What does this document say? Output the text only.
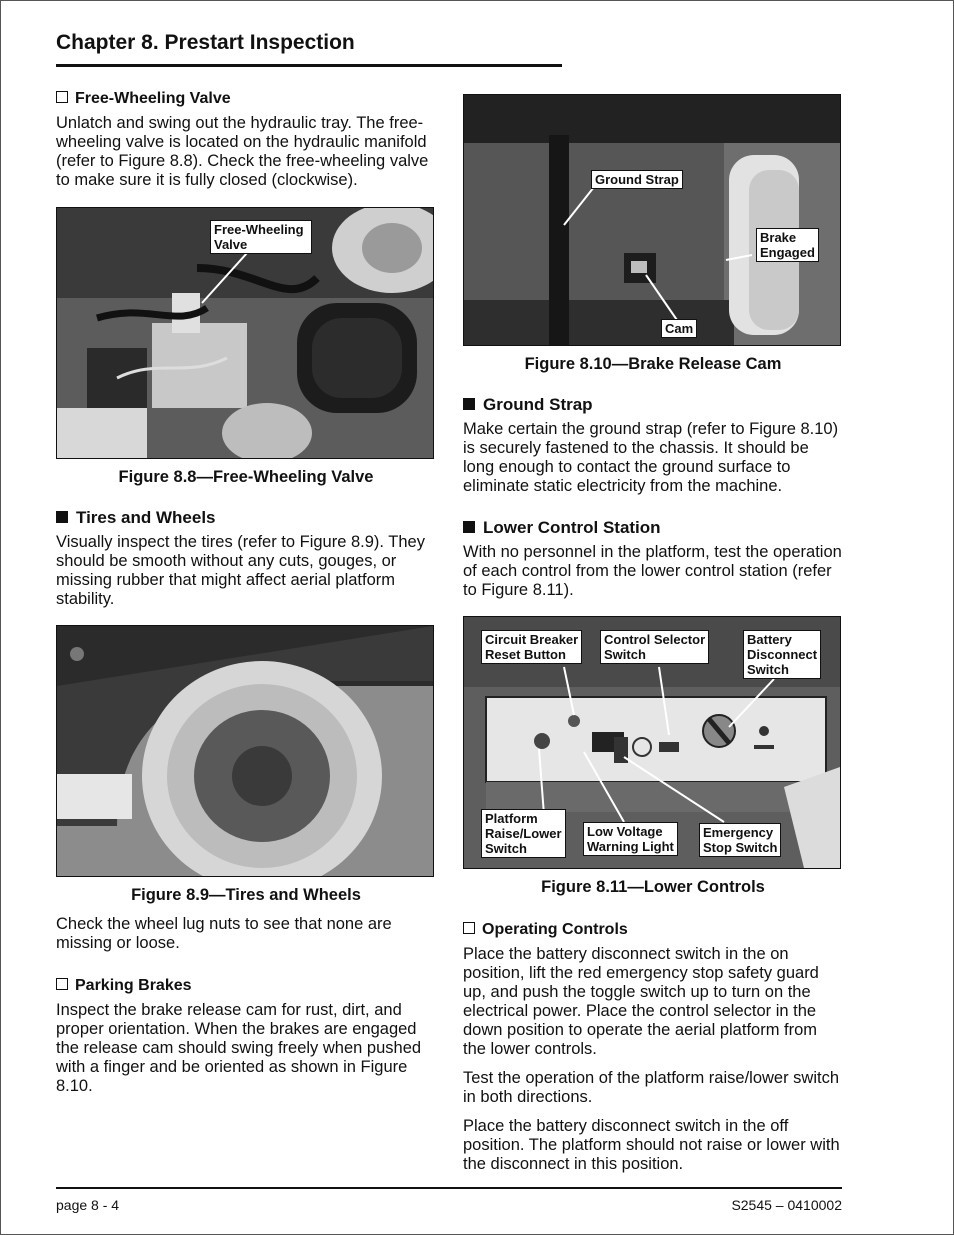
Chapter 8. Prestart Inspection
Free-Wheeling Valve

Unlatch and swing out the hydraulic tray. The free-wheeling valve is located on the hydraulic manifold (refer to Figure 8.8). Check the free-wheeling valve to make sure it is fully closed (clockwise).

Free-Wheeling
Valve
Figure 8.8—Free-Wheeling Valve
Tires and Wheels

Visually inspect the tires (refer to Figure 8.9). They should be smooth without any cuts, gouges, or missing rubber that might affect aerial platform stability.

Figure 8.9—Tires and Wheels

Check the wheel lug nuts to see that none are missing or loose.

Parking Brakes

Inspect the brake release cam for rust, dirt, and proper orientation. When the brakes are engaged the release cam should swing freely when pushed with a finger and be oriented as shown in Figure 8.10.

Ground Strap
Brake
Engaged
Cam
Figure 8.10—Brake Release Cam
Ground Strap

Make certain the ground strap (refer to Figure 8.10) is securely fastened to the chassis. It should be long enough to contact the ground surface to eliminate static electricity from the machine.

Lower Control Station

With no personnel in the platform, test the operation of each control from the lower control station (refer to Figure 8.11).

Circuit Breaker
Reset Button
Control Selector
Switch
Battery
Disconnect
Switch
Platform
Raise/Lower
Switch
Low Voltage
Warning Light
Emergency
Stop Switch
Figure 8.11—Lower Controls
Operating Controls

Place the battery disconnect switch in the on position, lift the red emergency stop safety guard up, and push the toggle switch up to turn on the electrical power. Place the control selector in the down position to operate the aerial platform from the lower controls.

Test the operation of the platform raise/lower switch in both directions.

Place the battery disconnect switch in the off position. The platform should not raise or lower with the disconnect in this position.

page 8 - 4	S2545 – 0410002
